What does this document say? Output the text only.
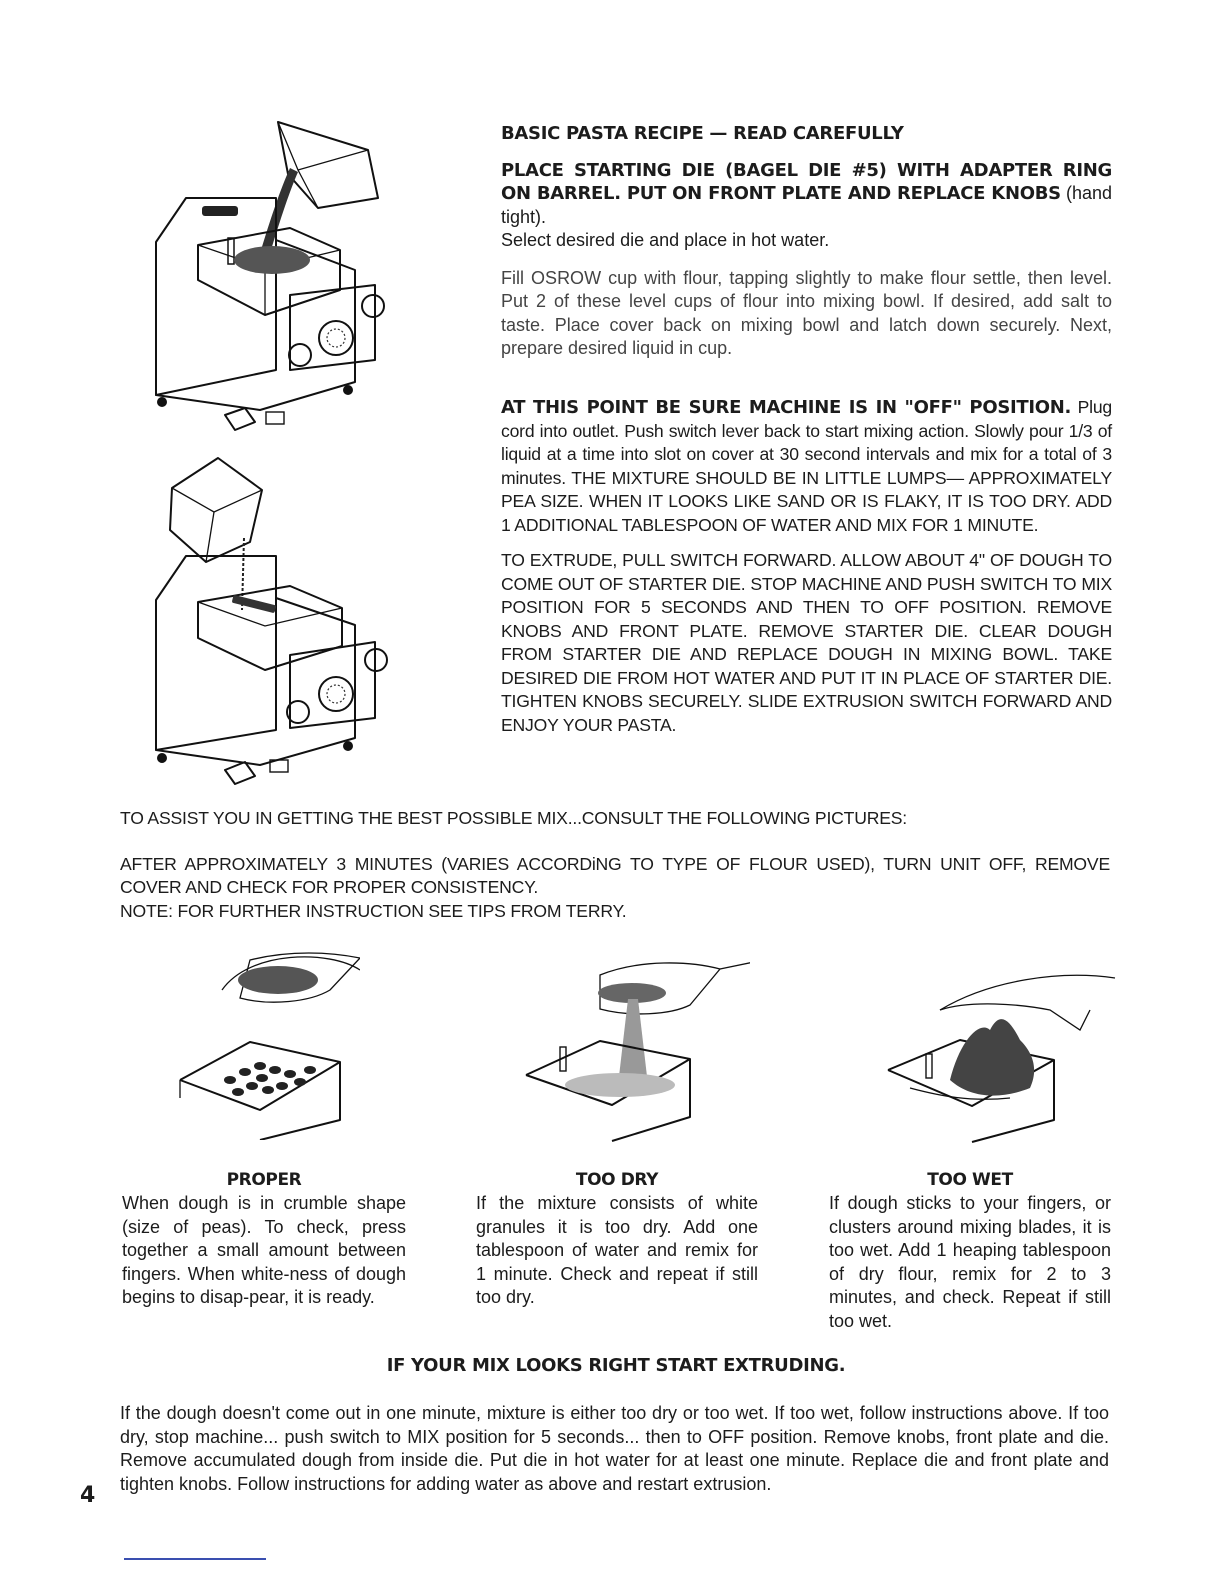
BASIC PASTA RECIPE — READ CAREFULLY

PLACE STARTING DIE (BAGEL DIE #5) WITH ADAPTER RING ON BARREL. PUT ON FRONT PLATE AND REPLACE KNOBS (hand tight).

Select desired die and place in hot water.

Fill OSROW cup with flour, tapping slightly to make flour settle, then level. Put 2 of these level cups of flour into mixing bowl. If desired, add salt to taste. Place cover back on mixing bowl and latch down securely. Next, prepare desired liquid in cup.

AT THIS POINT BE SURE MACHINE IS IN "OFF" POSITION. Plug cord into outlet. Push switch lever back to start mixing action. Slowly pour 1/3 of liquid at a time into slot on cover at 30 second intervals and mix for a total of 3 minutes. THE MIXTURE SHOULD BE IN LITTLE LUMPS— APPROXIMATELY PEA SIZE. WHEN IT LOOKS LIKE SAND OR IS FLAKY, IT IS TOO DRY. ADD 1 ADDITIONAL TABLESPOON OF WATER AND MIX FOR 1 MINUTE.

TO EXTRUDE, PULL SWITCH FORWARD. ALLOW ABOUT 4" OF DOUGH TO COME OUT OF STARTER DIE. STOP MACHINE AND PUSH SWITCH TO MIX POSITION FOR 5 SECONDS AND THEN TO OFF POSITION. REMOVE KNOBS AND FRONT PLATE. REMOVE STARTER DIE. CLEAR DOUGH FROM STARTER DIE AND REPLACE DOUGH IN MIXING BOWL. TAKE DESIRED DIE FROM HOT WATER AND PUT IT IN PLACE OF STARTER DIE. TIGHTEN KNOBS SECURELY. SLIDE EXTRUSION SWITCH FORWARD AND ENJOY YOUR PASTA.

TO ASSIST YOU IN GETTING THE BEST POSSIBLE MIX...CONSULT THE FOLLOWING PICTURES:

AFTER APPROXIMATELY 3 MINUTES (VARIES ACCORDiNG TO TYPE OF FLOUR USED), TURN UNIT OFF, REMOVE COVER AND CHECK FOR PROPER CONSISTENCY.

NOTE: FOR FURTHER INSTRUCTION SEE TIPS FROM TERRY.

PROPER

When dough is in crumble shape (size of peas). To check, press together a small amount between fingers. When white-ness of dough begins to disap-pear, it is ready.

TOO DRY

If the mixture consists of white granules it is too dry. Add one tablespoon of water and remix for 1 minute. Check and repeat if still too dry.

TOO WET

If dough sticks to your fingers, or clusters around mixing blades, it is too wet. Add 1 heaping tablespoon of dry flour, remix for 2 to 3 minutes, and check. Repeat if still too wet.

IF YOUR MIX LOOKS RIGHT START EXTRUDING.

If the dough doesn't come out in one minute, mixture is either too dry or too wet. If too wet, follow instructions above. If too dry, stop machine... push switch to MIX position for 5 seconds... then to OFF position. Remove knobs, front plate and die. Remove accumulated dough from inside die. Put die in hot water for at least one minute. Replace die and front plate and tighten knobs. Follow instructions for adding water as above and restart extrusion.

4
